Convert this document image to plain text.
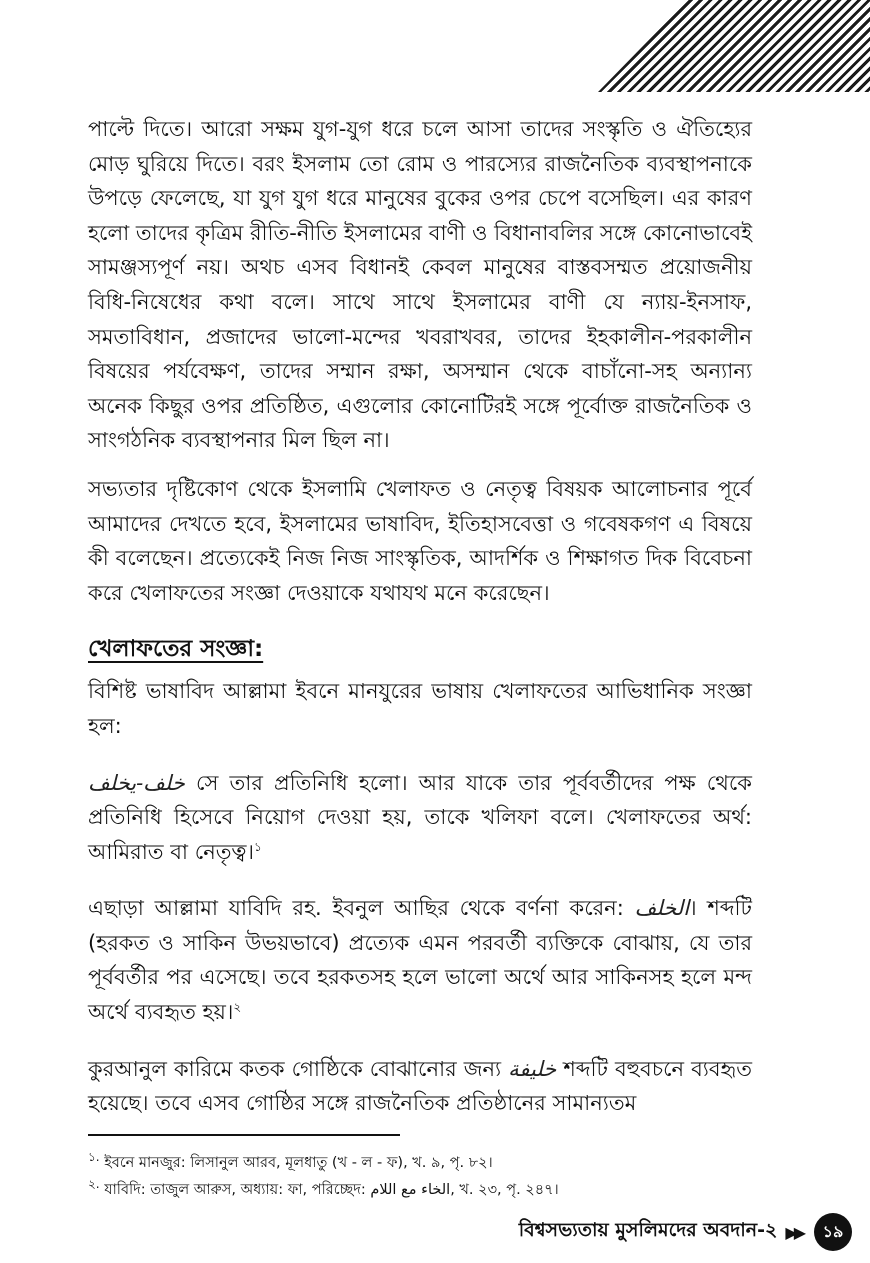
পাল্টে দিতে। আরো সক্ষম যুগ-যুগ ধরে চলে আসা তাদের সংস্কৃতি ও ঐতিহ্যের মোড় ঘুরিয়ে দিতে। বরং ইসলাম তো রোম ও পারস্যের রাজনৈতিক ব্যবস্থাপনাকে উপড়ে ফেলেছে, যা যুগ যুগ ধরে মানুষের বুকের ওপর চেপে বসেছিল। এর কারণ হলো তাদের কৃত্রিম রীতি-নীতি ইসলামের বাণী ও বিধানাবলির সঙ্গে কোনোভাবেই সামঞ্জস্যপূর্ণ নয়। অথচ এসব বিধানই কেবল মানুষের বাস্তবসম্মত প্রয়োজনীয় বিধি-নিষেধের কথা বলে। সাথে সাথে ইসলামের বাণী যে ন্যায়-ইনসাফ, সমতাবিধান, প্রজাদের ভালো-মন্দের খবরাখবর, তাদের ইহকালীন-পরকালীন বিষয়ের পর্যবেক্ষণ, তাদের সম্মান রক্ষা, অসম্মান থেকে বাচাঁনো-সহ অন্যান্য অনেক কিছুর ওপর প্রতিষ্ঠিত, এগুলোর কোনোটিরই সঙ্গে পূর্বোক্ত রাজনৈতিক ও সাংগঠনিক ব্যবস্থাপনার মিল ছিল না।

সভ্যতার দৃষ্টিকোণ থেকে ইসলামি খেলাফত ও নেতৃত্ব বিষয়ক আলোচনার পূর্বে আমাদের দেখতে হবে, ইসলামের ভাষাবিদ, ইতিহাসবেত্তা ও গবেষকগণ এ বিষয়ে কী বলেছেন। প্রত্যেকেই নিজ নিজ সাংস্কৃতিক, আদর্শিক ও শিক্ষাগত দিক বিবেচনা করে খেলাফতের সংজ্ঞা দেওয়াকে যথাযথ মনে করেছেন।

খেলাফতের সংজ্ঞা:

বিশিষ্ট ভাষাবিদ আল্লামা ইবনে মানযুরের ভাষায় খেলাফতের আভিধানিক সংজ্ঞা হল:

خلف-يخلف সে তার প্রতিনিধি হলো। আর যাকে তার পূর্ববর্তীদের পক্ষ থেকে প্রতিনিধি হিসেবে নিয়োগ দেওয়া হয়, তাকে খলিফা বলে। খেলাফতের অর্থ: আমিরাত বা নেতৃত্ব।$^১$

এছাড়া আল্লামা যাবিদি রহ. ইবনুল আছির থেকে বর্ণনা করেন: الخلف। শব্দটি (হরকত ও সাকিন উভয়ভাবে) প্রত্যেক এমন পরবর্তী ব্যক্তিকে বোঝায়, যে তার পূর্ববর্তীর পর এসেছে। তবে হরকতসহ হলে ভালো অর্থে আর সাকিনসহ হলে মন্দ অর্থে ব্যবহৃত হয়।$^২$

কুরআনুল কারিমে কতক গোষ্ঠিকে বোঝানোর জন্য خليفة শব্দটি বহুবচনে ব্যবহৃত হয়েছে। তবে এসব গোষ্ঠির সঙ্গে রাজনৈতিক প্রতিষ্ঠানের সামান্যতম

$^{১.}$ ইবনে মানজুর: লিসানুল আরব, মূলধাতু (খ - ল - ফ), খ. ৯, পৃ. ৮২।
$^{২.}$ যাবিদি: তাজুল আরুস, অধ্যায়: ফা, পরিচ্ছেদ: الخاء مع اللام, খ. ২৩, পৃ. ২৪৭।
বিশ্বসভ্যতায় মুসলিমদের অবদান-২ ▶▶	১৯
